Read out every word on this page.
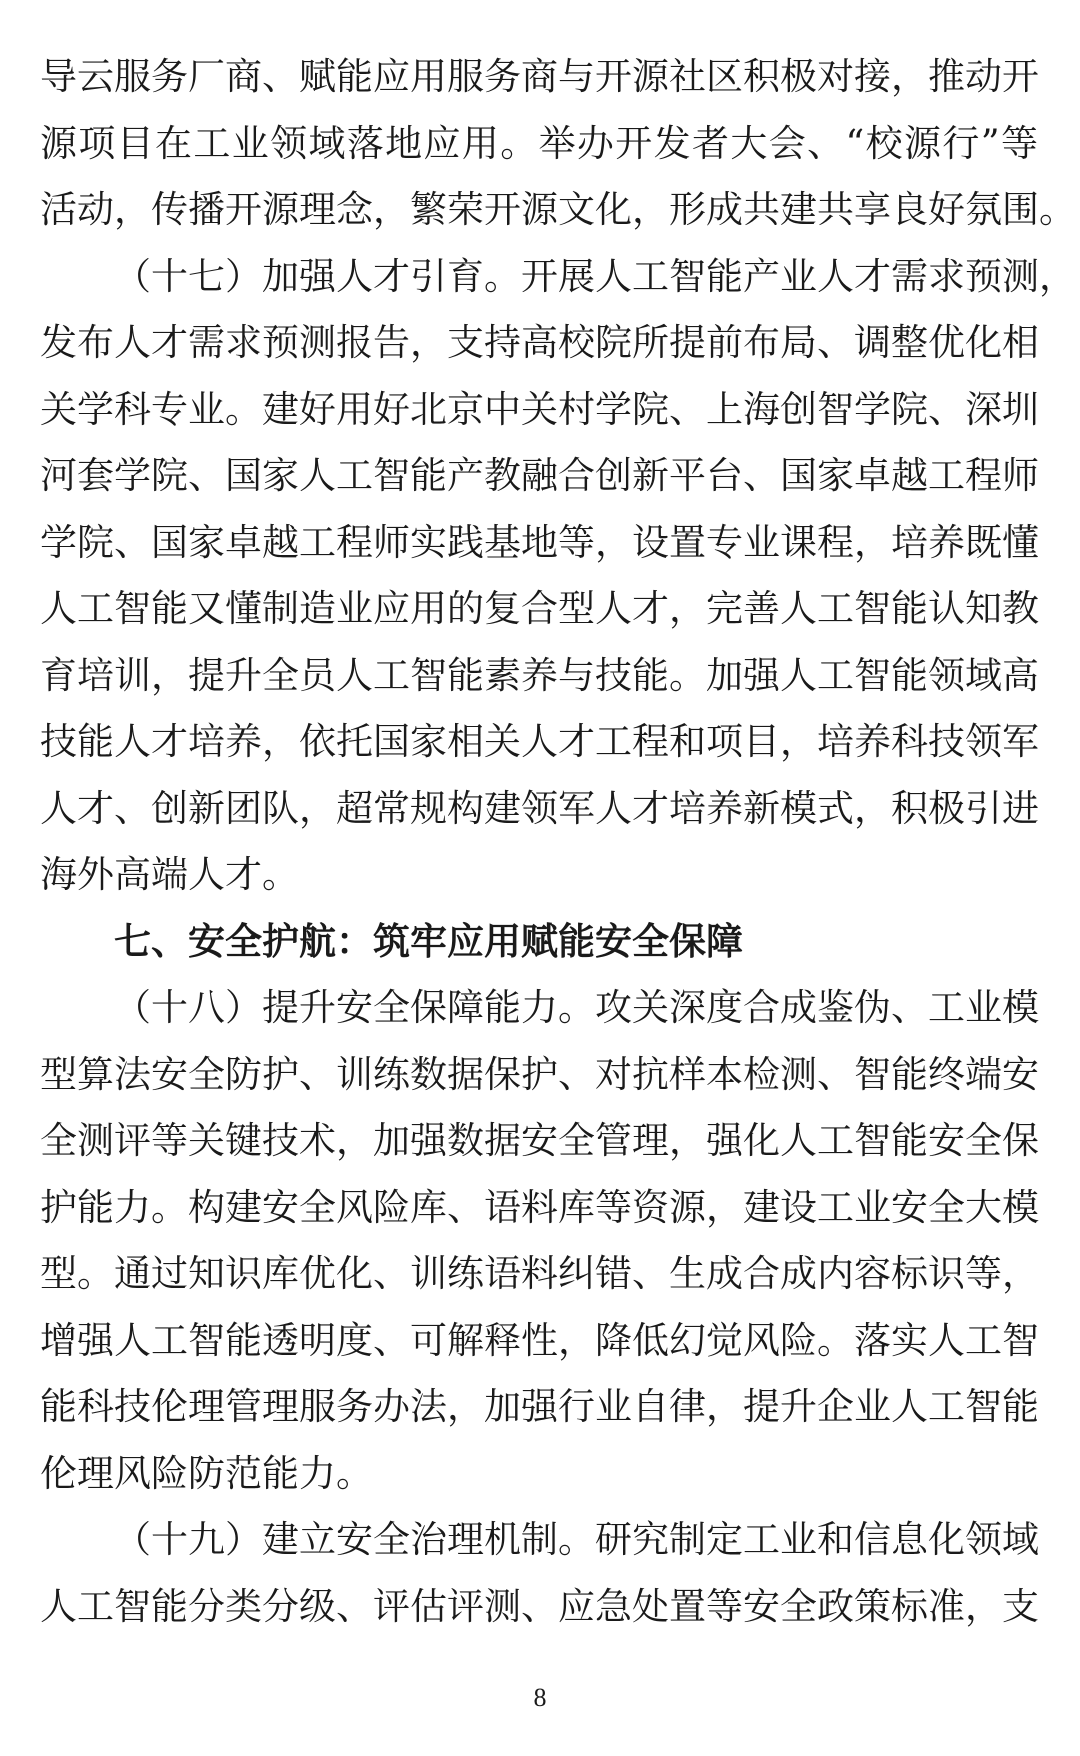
导云服务厂商、赋能应用服务商与开源社区积极对接，推动开
源项目在工业领域落地应用。举办开发者大会、“校源行”等
活动，传播开源理念，繁荣开源文化，形成共建共享良好氛围。
（十七）加强人才引育。开展人工智能产业人才需求预测，
发布人才需求预测报告，支持高校院所提前布局、调整优化相
关学科专业。建好用好北京中关村学院、上海创智学院、深圳
河套学院、国家人工智能产教融合创新平台、国家卓越工程师
学院、国家卓越工程师实践基地等，设置专业课程，培养既懂
人工智能又懂制造业应用的复合型人才，完善人工智能认知教
育培训，提升全员人工智能素养与技能。加强人工智能领域高
技能人才培养，依托国家相关人才工程和项目，培养科技领军
人才、创新团队，超常规构建领军人才培养新模式，积极引进
海外高端人才。
七、安全护航：筑牢应用赋能安全保障
（十八）提升安全保障能力。攻关深度合成鉴伪、工业模
型算法安全防护、训练数据保护、对抗样本检测、智能终端安
全测评等关键技术，加强数据安全管理，强化人工智能安全保
护能力。构建安全风险库、语料库等资源，建设工业安全大模
型。通过知识库优化、训练语料纠错、生成合成内容标识等，
增强人工智能透明度、可解释性，降低幻觉风险。落实人工智
能科技伦理管理服务办法，加强行业自律，提升企业人工智能
伦理风险防范能力。
（十九）建立安全治理机制。研究制定工业和信息化领域
人工智能分类分级、评估评测、应急处置等安全政策标准，支
8
